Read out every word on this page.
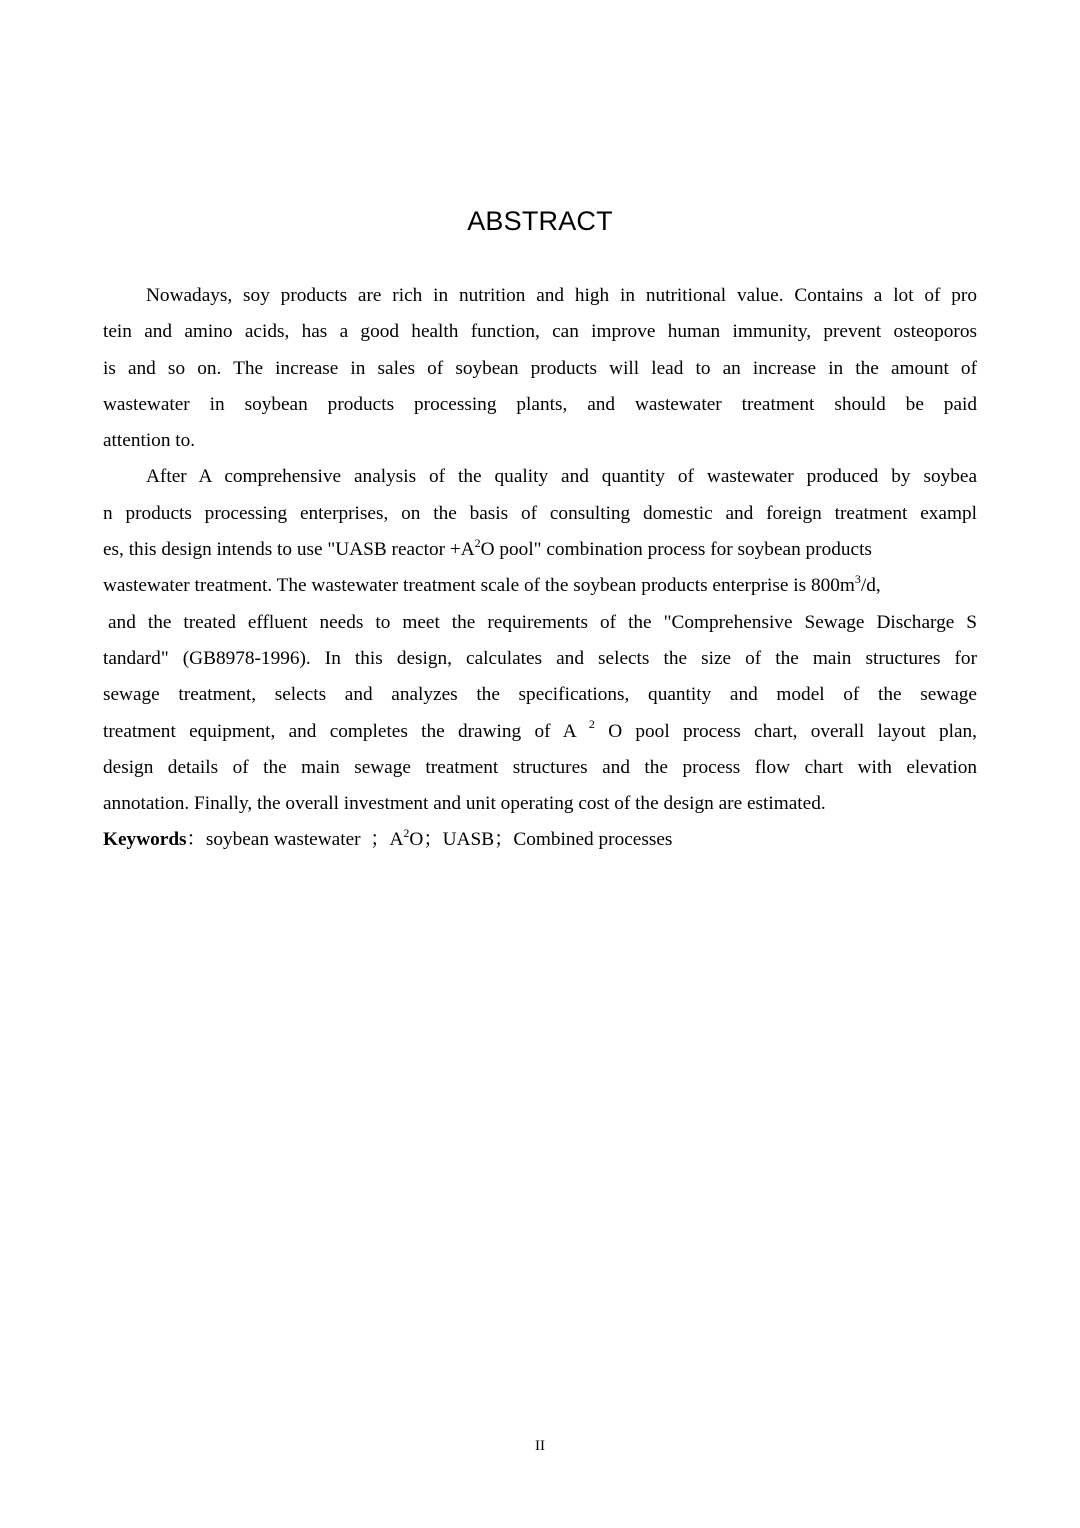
ABSTRACT
Nowadays, soy products are rich in nutrition and high in nutritional value. Contains a lot of pro
tein and amino acids, has a good health function, can improve human immunity, prevent osteoporos
is and so on. The increase in sales of soybean products will lead to an increase in the amount of
wastewater in soybean products processing plants, and wastewater treatment should be paid
attention to.
After A comprehensive analysis of the quality and quantity of wastewater produced by soybea
n products processing enterprises, on the basis of consulting domestic and foreign treatment exampl
es, this design intends to use "UASB reactor $+A^2O$ pool" combination process for soybean products
wastewater treatment. The wastewater treatment scale of the soybean products enterprise is $800m^3/d$,
and the treated effluent needs to meet the requirements of the "Comprehensive Sewage Discharge S
tandard" (GB8978-1996). In this design, calculates and selects the size of the main structures for
sewage treatment, selects and analyzes the specifications, quantity and model of the sewage
treatment equipment, and completes the drawing of A $^2$ O pool process chart, overall layout plan,
design details of the main sewage treatment structures and the process flow chart with elevation
annotation. Finally, the overall investment and unit operating cost of the design are estimated.
Keywords：soybean wastewater ；$A^2O$；UASB；Combined processes
II
